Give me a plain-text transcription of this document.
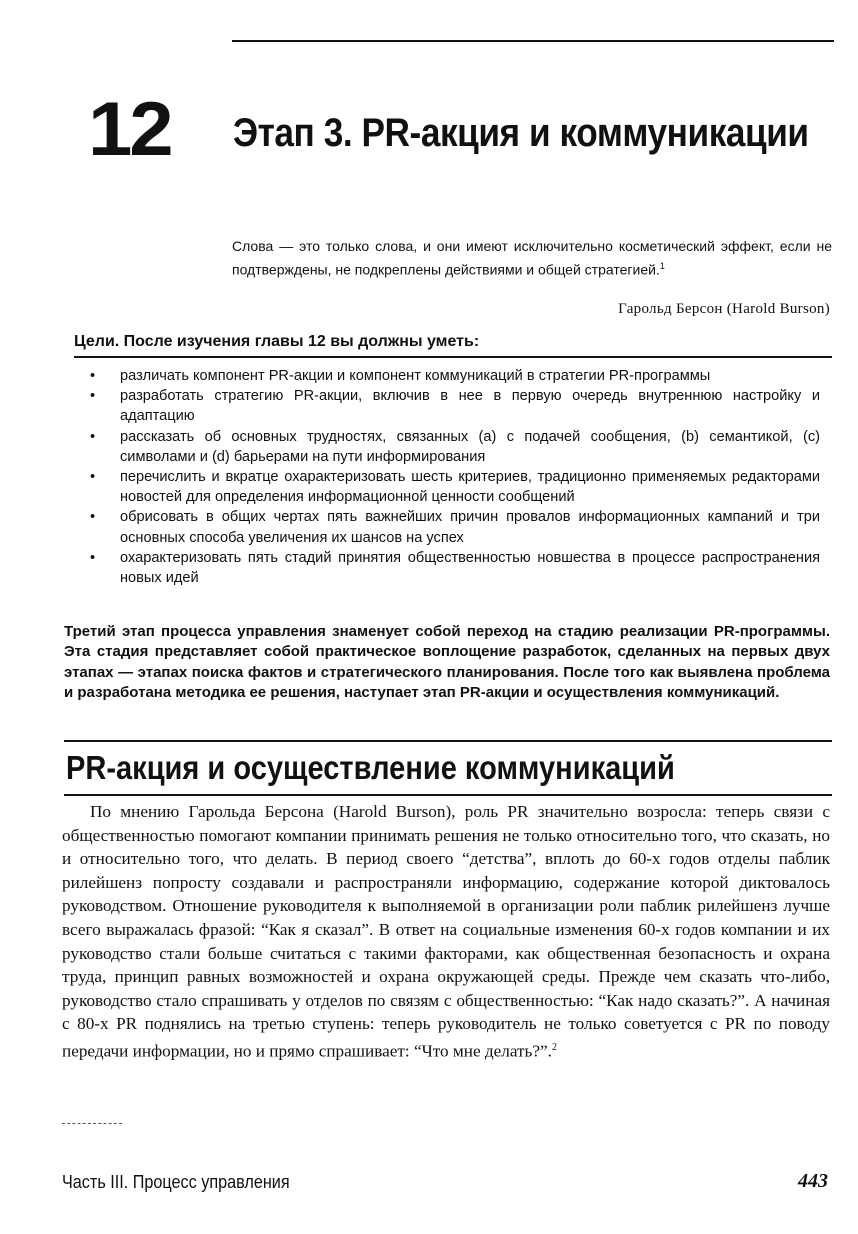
12	Этап 3. PR-акция и коммуникации
Слова — это только слова, и они имеют исключительно косметический эффект, если не подтверждены, не подкреплены действиями и общей стратегией.$^1$
Гарольд Берсон (Harold Burson)
Цели. После изучения главы 12 вы должны уметь:
• различать компонент PR-акции и компонент коммуникаций в стратегии PR-программы
• разработать стратегию PR-акции, включив в нее в первую очередь внутреннюю настройку и адаптацию
• рассказать об основных трудностях, связанных (а) с подачей сообщения, (b) семантикой, (с) символами и (d) барьерами на пути информирования
• перечислить и вкратце охарактеризовать шесть критериев, традиционно применяемых редакторами новостей для определения информационной ценности сообщений
• обрисовать в общих чертах пять важнейших причин провалов информационных кампаний и три основных способа увеличения их шансов на успех
• охарактеризовать пять стадий принятия общественностью новшества в процессе распространения новых идей
Третий этап процесса управления знаменует собой переход на стадию реализации PR-программы. Эта стадия представляет собой практическое воплощение разработок, сделанных на первых двух этапах — этапах поиска фактов и стратегического планирования. После того как выявлена проблема и разработана методика ее решения, наступает этап PR-акции и осуществления коммуникаций.
PR-акция и осуществление коммуникаций
По мнению Гарольда Берсона (Harold Burson), роль PR значительно возросла: теперь связи с общественностью помогают компании принимать решения не только относительно того, что сказать, но и относительно того, что делать. В период своего “детства”, вплоть до 60-х годов отделы паблик рилейшенз попросту создавали и распространяли информацию, содержание которой диктовалось руководством. Отношение руководителя к выполняемой в организации роли паблик рилейшенз лучше всего выражалась фразой: “Как я сказал”. В ответ на социальные изменения 60-х годов компании и их руководство стали больше считаться с такими факторами, как общественная безопасность и охрана труда, принцип равных возможностей и охрана окружающей среды. Прежде чем сказать что-либо, руководство стало спрашивать у отделов по связям с общественностью: “Как надо сказать?”. А начиная с 80-х PR поднялись на третью ступень: теперь руководитель не только советуется с PR по поводу передачи информации, но и прямо спрашивает: “Что мне делать?”.$^2$
Часть III. Процесс управления	443
